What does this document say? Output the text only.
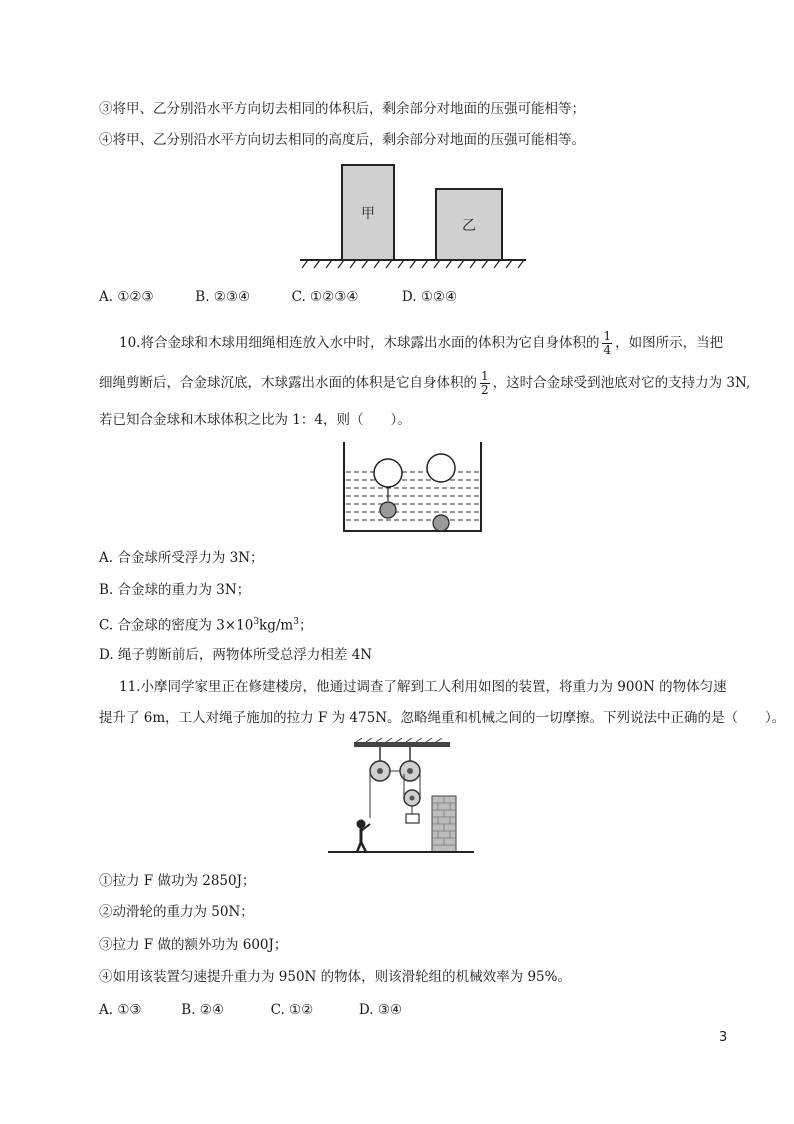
③将甲、乙分别沿水平方向切去相同的体积后，剩余部分对地面的压强可能相等；
④将甲、乙分别沿水平方向切去相同的高度后，剩余部分对地面的压强可能相等。
甲
乙
A. ①②③	B. ②③④	C. ①②③④	D. ①②④
10.将合金球和木球用细绳相连放入水中时，木球露出水面的体积为它自身体积的 $\frac{1}{4}$ ，如图所示，当把
细绳剪断后，合金球沉底，木球露出水面的体积是它自身体积的 $\frac{1}{2}$ ，这时合金球受到池底对它的支持力为 3N,
若已知合金球和木球体积之比为 1：4，则（　　）。
A. 合金球所受浮力为 3N；
B. 合金球的重力为 3N；
C. 合金球的密度为 $3\times 10^3kg/m^3$；
D. 绳子剪断前后，两物体所受总浮力相差 4N
11.小摩同学家里正在修建楼房，他通过调查了解到工人利用如图的装置，将重力为 900N 的物体匀速
提升了 6m，工人对绳子施加的拉力 F 为 475N。忽略绳重和机械之间的一切摩擦。下列说法中正确的是（　　）。
①拉力 F 做功为 2850J；
②动滑轮的重力为 50N；
③拉力 F 做的额外功为 600J；
④如用该装置匀速提升重力为 950N 的物体，则该滑轮组的机械效率为 95%。
A. ①③	B. ②④	C. ①②	D. ③④
3
